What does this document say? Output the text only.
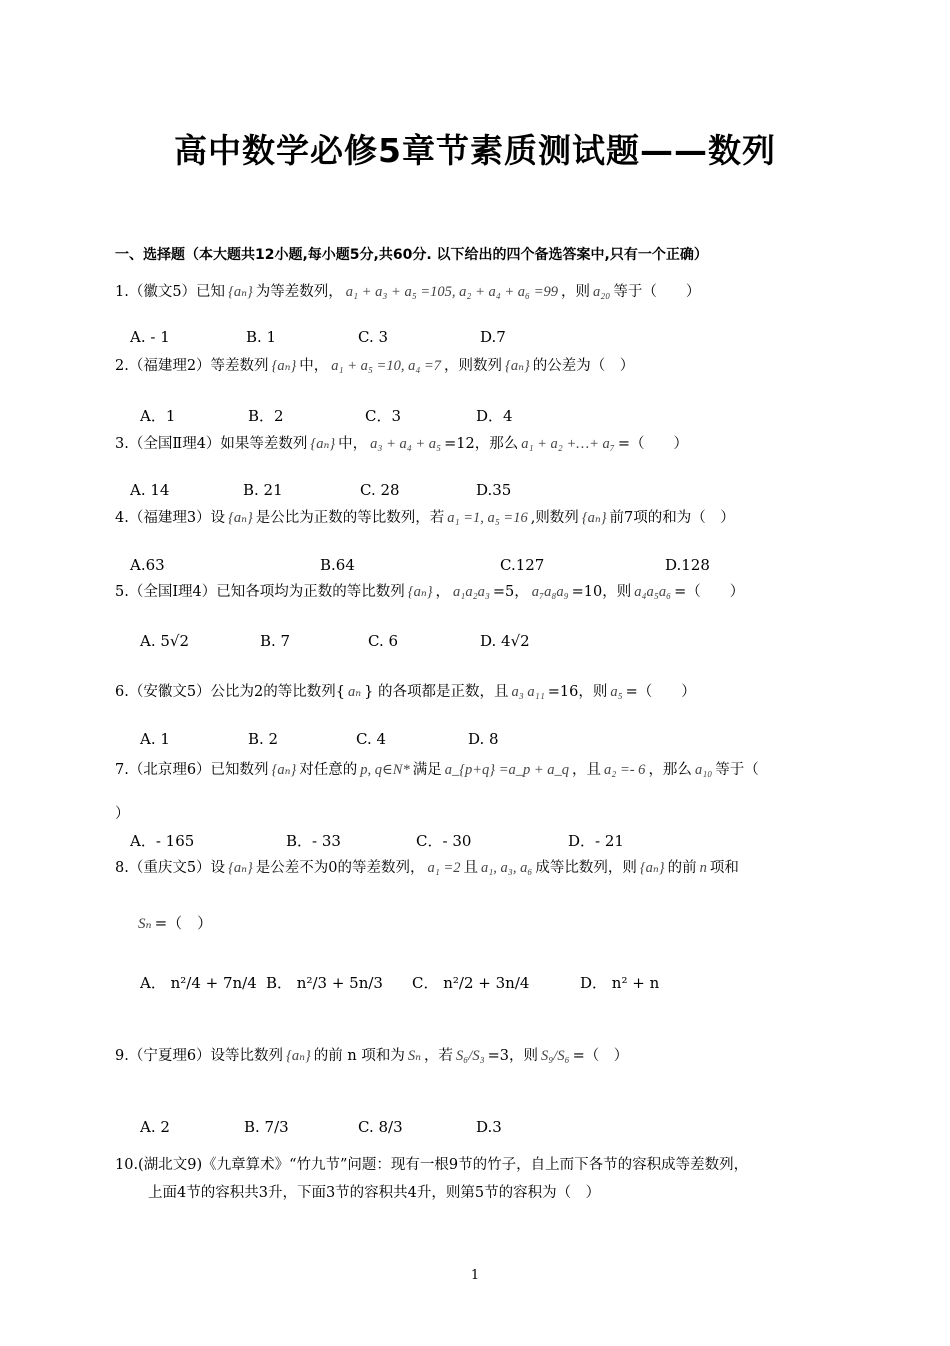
高中数学必修5章节素质测试题——数列
一、选择题（本大题共12小题,每小题5分,共60分. 以下给出的四个备选答案中,只有一个正确）
1.（徽文5）已知 {aₙ} 为等差数列， a₁ + a₃ + a₅ =105, a₂ + a₄ + a₆ =99 ，则 a₂₀ 等于（　　）
A. - 1	B. 1	C. 3	D.7
2.（福建理2）等差数列 {aₙ} 中， a₁ + a₅ =10, a₄ =7 ，则数列 {aₙ} 的公差为（　）
A．1	B．2	C．3	D．4
3.（全国Ⅱ理4）如果等差数列 {aₙ} 中， a₃ + a₄ + a₅ =12，那么 a₁ + a₂ +…+ a₇ =（　　）
A. 14	B. 21	C. 28	D.35
4.（福建理3）设 {aₙ} 是公比为正数的等比数列，若 a₁ =1, a₅ =16 ,则数列 {aₙ} 前7项的和为（　）
A.63	B.64	C.127	D.128
5.（全国Ⅰ理4）已知各项均为正数的等比数列 {aₙ} ， a₁a₂a₃ =5， a₇a₈a₉ =10，则 a₄a₅a₆ =（　　）
A. 5√2	B. 7	C. 6	D. 4√2
6.（安徽文5）公比为2的等比数列{ aₙ } 的各项都是正数，且 a₃ a₁₁ =16，则 a₅ =（　　）
A. 1	B. 2	C. 4	D. 8
7.（北京理6）已知数列 {aₙ} 对任意的 p, q∈N* 满足 a_{p+q} =a_p + a_q ，且 a₂ =- 6 ，那么 a₁₀ 等于（
）
A．- 165	B．- 33	C．- 30	D．- 21
8.（重庆文5）设 {aₙ} 是公差不为0的等差数列， a₁ =2 且 a₁, a₃, a₆ 成等比数列，则 {aₙ} 的前 n 项和
Sₙ =（　）
A． n²/4 + 7n/4 B． n²/3 + 5n/3 C． n²/2 + 3n/4	D． n² + n
9.（宁夏理6）设等比数列 {aₙ} 的前 n 项和为 Sₙ ，若 S₆/S₃ =3，则 S₉/S₆ =（　）
A. 2	B. 7/3	C. 8/3	D.3
10.(湖北文9)《九章算术》“竹九节”问题：现有一根9节的竹子，自上而下各节的容积成等差数列，
上面4节的容积共3升，下面3节的容积共4升，则第5节的容积为（　）
1
